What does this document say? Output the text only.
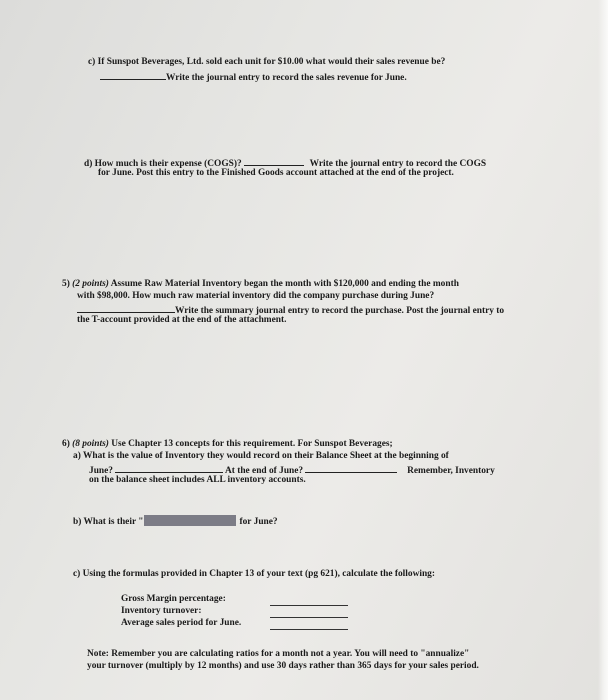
c) If Sunspot Beverages, Ltd. sold each unit for $10.00 what would their sales revenue be?
Write the journal entry to record the sales revenue for June.
d) How much is their expense (COGS)?	Write the journal entry to record the COGS
for June. Post this entry to the Finished Goods account attached at the end of the project.
5) (2 points) Assume Raw Material Inventory began the month with $120,000 and ending the month
with $98,000. How much raw material inventory did the company purchase during June?
Write the summary journal entry to record the purchase. Post the journal entry to
the T-account provided at the end of the attachment.
6) (8 points) Use Chapter 13 concepts for this requirement. For Sunspot Beverages;
a) What is the value of Inventory they would record on their Balance Sheet at the beginning of
June?	At the end of June?	Remember, Inventory
on the balance sheet includes ALL inventory accounts.
b) What is their "	for June?
c) Using the formulas provided in Chapter 13 of your text (pg 621), calculate the following:
Gross Margin percentage:
Inventory turnover:
Average sales period for June.
Note: Remember you are calculating ratios for a month not a year. You will need to "annualize"
your turnover (multiply by 12 months) and use 30 days rather than 365 days for your sales period.
